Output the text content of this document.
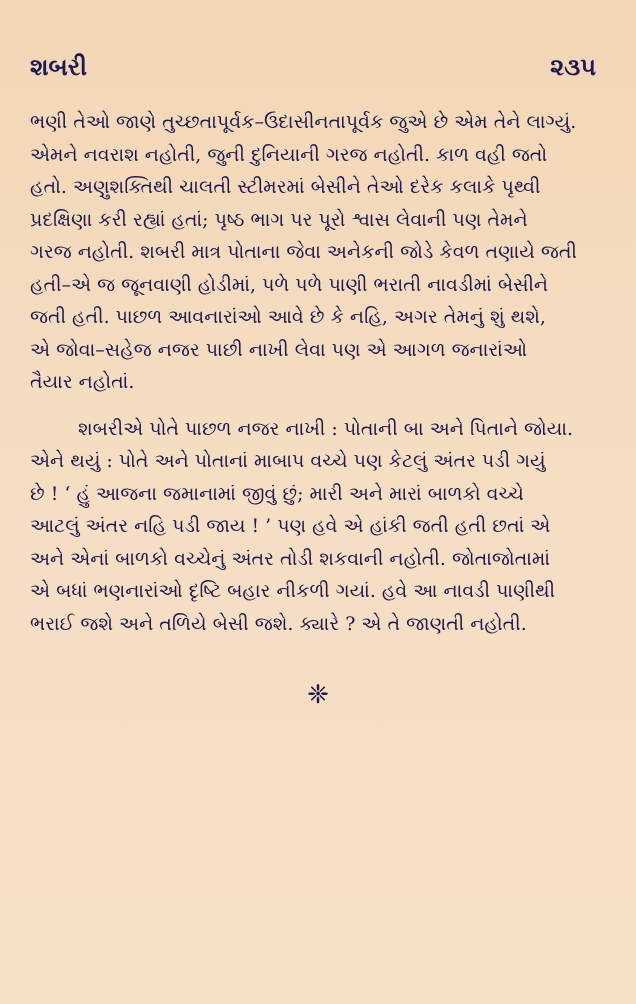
શબરી	૨૩૫
ભણી તેઓ જાણે તુચ્છતાપૂર્વક–ઉદાસીનતાપૂર્વક જુએ છે એમ તેને લાગ્યું.
એમને નવરાશ નહોતી, જુની દુનિયાની ગરજ નહોતી. કાળ વહી જતો
હતો. અણુશક્તિથી ચાલતી સ્ટીમરમાં બેસીને તેઓ દરેક કલાકે પૃથ્વી
પ્રદક્ષિણા કરી રહ્યાં હતાં; પૃષ્ઠ ભાગ પર પૂરો શ્વાસ લેવાની પણ તેમને
ગરજ નહોતી. શબરી માત્ર પોતાના જેવા અનેકની જોડે કેવળ તણાયે જતી
હતી–એ જ જૂનવાણી હોડીમાં, પળે પળે પાણી ભરાતી નાવડીમાં બેસીને
જતી હતી. પાછળ આવનારાંઓ આવે છે કે નહિ, અગર તેમનું શું થશે,
એ જોવા–સહેજ નજર પાછી નાખી લેવા પણ એ આગળ જનારાંઓ
તૈયાર નહોતાં.
શબરીએ પોતે પાછળ નજર નાખી : પોતાની બા અને પિતાને જોયા.
એને થયું : પોતે અને પોતાનાં માબાપ વચ્ચે પણ કેટલું અંતર પડી ગયું
છે ! ‘ હું આજના જમાનામાં જીવું છું; મારી અને મારાં બાળકો વચ્ચે
આટલું અંતર નહિ પડી જાય ! ’ પણ હવે એ હાંકી જતી હતી છતાં એ
અને એનાં બાળકો વચ્ચેનું અંતર તોડી શકવાની નહોતી. જોતાજોતામાં
એ બધાં ભણનારાંઓ દૃષ્ટિ બહાર નીકળી ગયાં. હવે આ નાવડી પાણીથી
ભરાઈ જશે અને તળિયે બેસી જશે. ક્યારે ? એ તે જાણતી નહોતી.
❈
